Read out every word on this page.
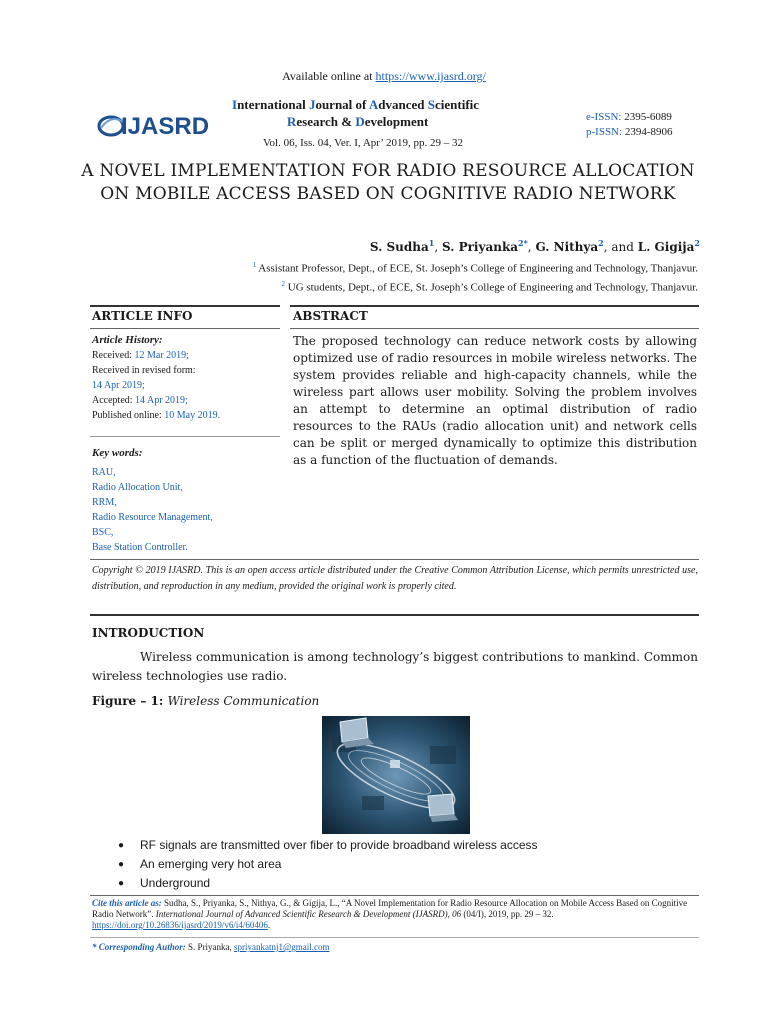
Available online at https://www.ijasrd.org/
IJASRD
International Journal of Advanced Scientific
Research & Development
Vol. 06, Iss. 04, Ver. I, Apr’ 2019, pp. 29 – 32
e-ISSN: 2395-6089
p-ISSN: 2394-8906
A NOVEL IMPLEMENTATION FOR RADIO RESOURCE ALLOCATION ON MOBILE ACCESS BASED ON COGNITIVE RADIO NETWORK
S. Sudha$^1$, S. Priyanka$^{2*}$, G. Nithya$^2$, and L. Gigija$^2$
$^1$ Assistant Professor, Dept., of ECE, St. Joseph’s College of Engineering and Technology, Thanjavur.
$^2$ UG students, Dept., of ECE, St. Joseph’s College of Engineering and Technology, Thanjavur.
ARTICLE INFO	ABSTRACT
Article History:
Received: 12 Mar 2019;
Received in revised form:
14 Apr 2019;
Accepted: 14 Apr 2019;
Published online: 10 May 2019.
Key words:
RAU,
Radio Allocation Unit,
RRM,
Radio Resource Management,
BSC,
Base Station Controller.
The proposed technology can reduce network costs by allowing optimized use of radio resources in mobile wireless networks. The system provides reliable and high-capacity channels, while the wireless part allows user mobility. Solving the problem involves an attempt to determine an optimal distribution of radio resources to the RAUs (radio allocation unit) and network cells can be split or merged dynamically to optimize this distribution as a function of the fluctuation of demands.
Copyright © 2019 IJASRD. This is an open access article distributed under the Creative Common Attribution License, which permits unrestricted use, distribution, and reproduction in any medium, provided the original work is properly cited.
INTRODUCTION
Wireless communication is among technology’s biggest contributions to mankind. Common wireless technologies use radio.
Figure – 1: Wireless Communication
● RF signals are transmitted over fiber to provide broadband wireless access
● An emerging very hot area
● Underground
Cite this article as: Sudha, S., Priyanka, S., Nithya, G., & Gigija, L., “A Novel Implementation for Radio Resource Allocation on Mobile Access Based on Cognitive Radio Network”. International Journal of Advanced Scientific Research & Development (IJASRD), 06 (04/I), 2019, pp. 29 – 32. https://doi.org/10.26836/ijasrd/2019/v6/i4/60406.
* Corresponding Author: S. Priyanka, spriyankatnj1@gmail.com
